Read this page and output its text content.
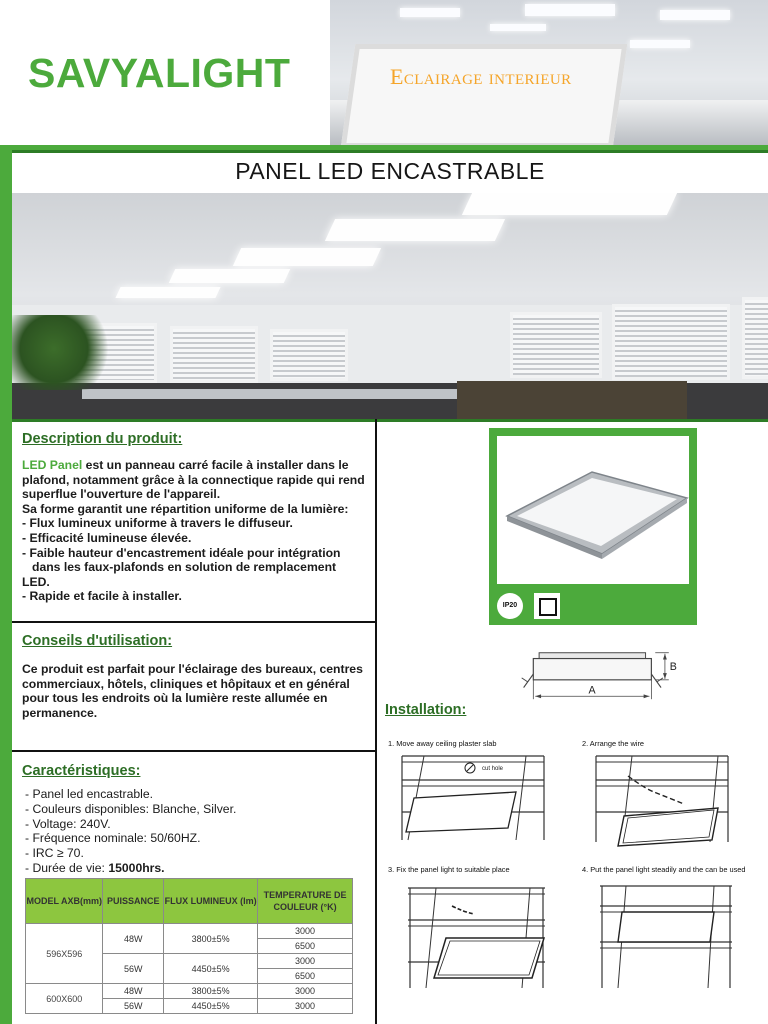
SAVYALIGHT	Eclairage interieur
PANEL LED ENCASTRABLE
Description du produit:
LED Panel est un panneau carré facile à installer dans le
plafond, notamment grâce à la connectique rapide qui rend
superflue l'ouverture de l'appareil.
Sa forme garantit une répartition uniforme de la lumière:
- Flux lumineux uniforme à travers le diffuseur.
- Efficacité lumineuse élevée.
- Faible hauteur d'encastrement idéale pour intégration
dans les faux-plafonds en solution de remplacement
LED.
- Rapide et facile à installer.
Conseils d'utilisation:
Ce produit est parfait pour l'éclairage des bureaux, centres
commerciaux, hôtels, cliniques et hôpitaux et en général
pour tous les endroits où la lumière reste allumée en
permanence.
Caractéristiques:
- Panel led encastrable.
- Couleurs disponibles: Blanche, Silver.
- Voltage: 240V.
- Fréquence nominale: 50/60HZ.
- IRC ≥ 70.
- Durée de vie: 15000hrs.
MODEL AXB(mm)	PUISSANCE	FLUX LUMINEUX (lm)	TEMPERATURE DE COULEUR (°K)
596X596	48W	3800±5%	3000
			6500
	56W	4450±5%	3000
			6500
600X600	48W	3800±5%	3000
	56W	4450±5%	3000
IP20
A
B
Installation:
1. Move away ceiling plaster slab	2. Arrange the wire
3. Fix the panel light to suitable place	4. Put the panel light steadily and the can be used
cut hole
